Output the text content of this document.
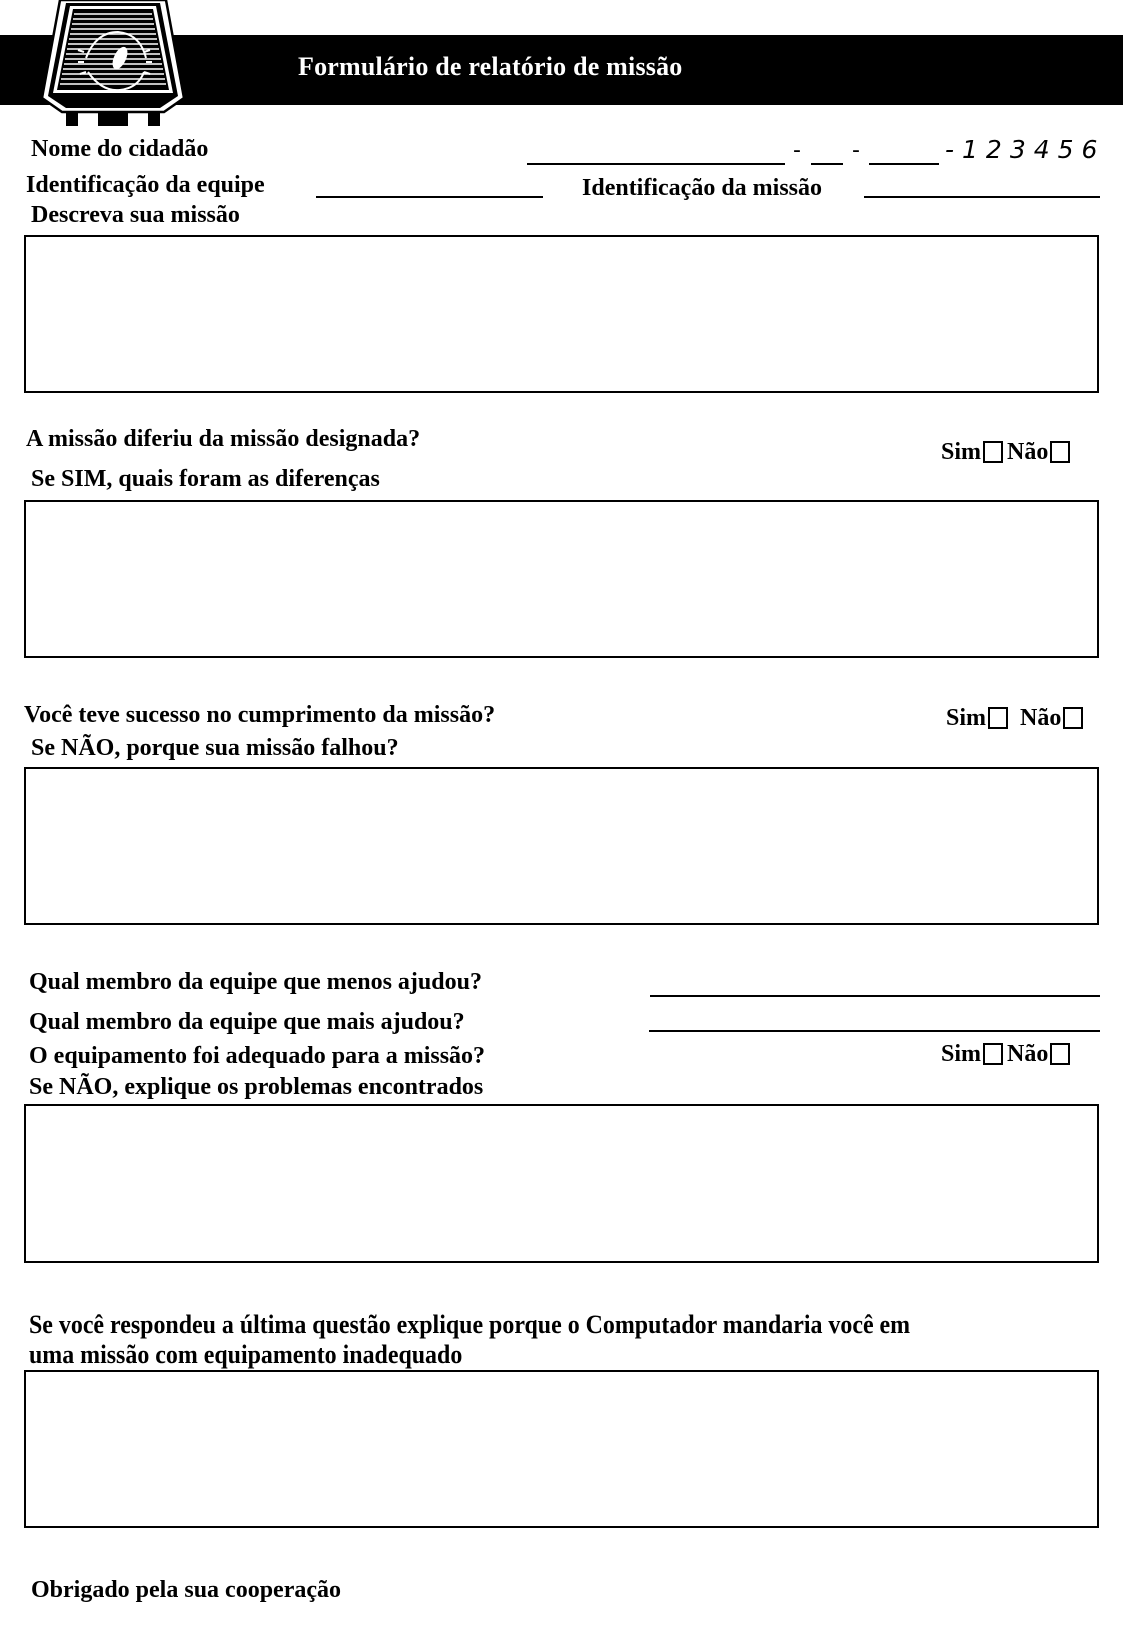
Formulário de relatório de missão
Nome do cidadão	- -	-123456
Identificação da equipe	Identificação da missão
Descreva sua missão
A missão diferiu da missão designada?	Sim Não
Se SIM, quais foram as diferenças
Você teve sucesso no cumprimento da missão?	Sim Não
Se NÃO, porque sua missão falhou?
Qual membro da equipe que menos ajudou?
Qual membro da equipe que mais ajudou?
O equipamento foi adequado para a missão?	Sim Não
Se NÃO, explique os problemas encontrados
Se você respondeu a última questão explique porque o Computador mandaria você em
uma missão com equipamento inadequado
Obrigado pela sua cooperação
